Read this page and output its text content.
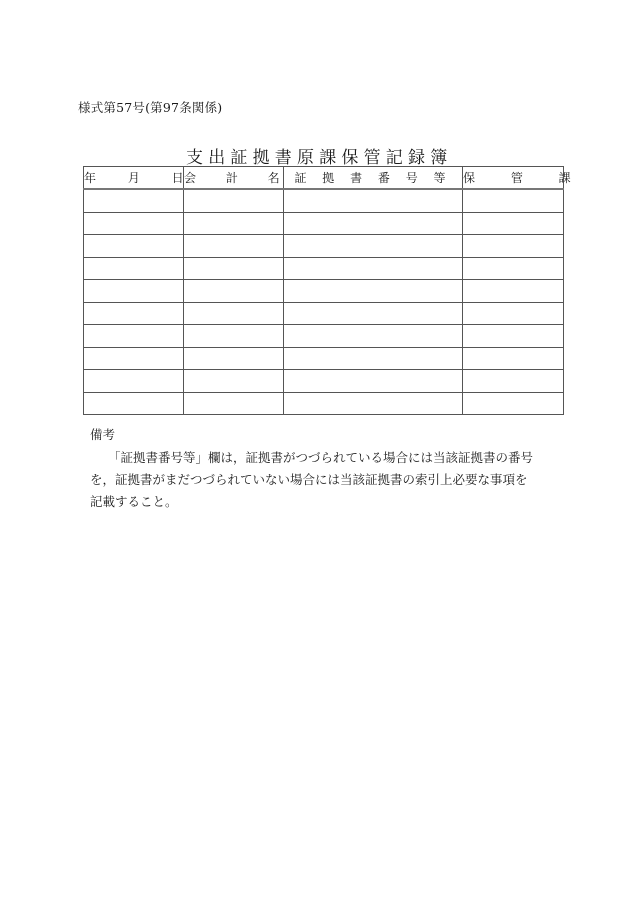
様式第57号(第97条関係)
支出証拠書原課保管記録簿
年 月 日	会 計 名	証 拠 書 番 号 等	保 管 課

備考

「証拠書番号等」欄は，証拠書がつづられている場合には当該証拠書の番号

を，証拠書がまだつづられていない場合には当該証拠書の索引上必要な事項を

記載すること。
